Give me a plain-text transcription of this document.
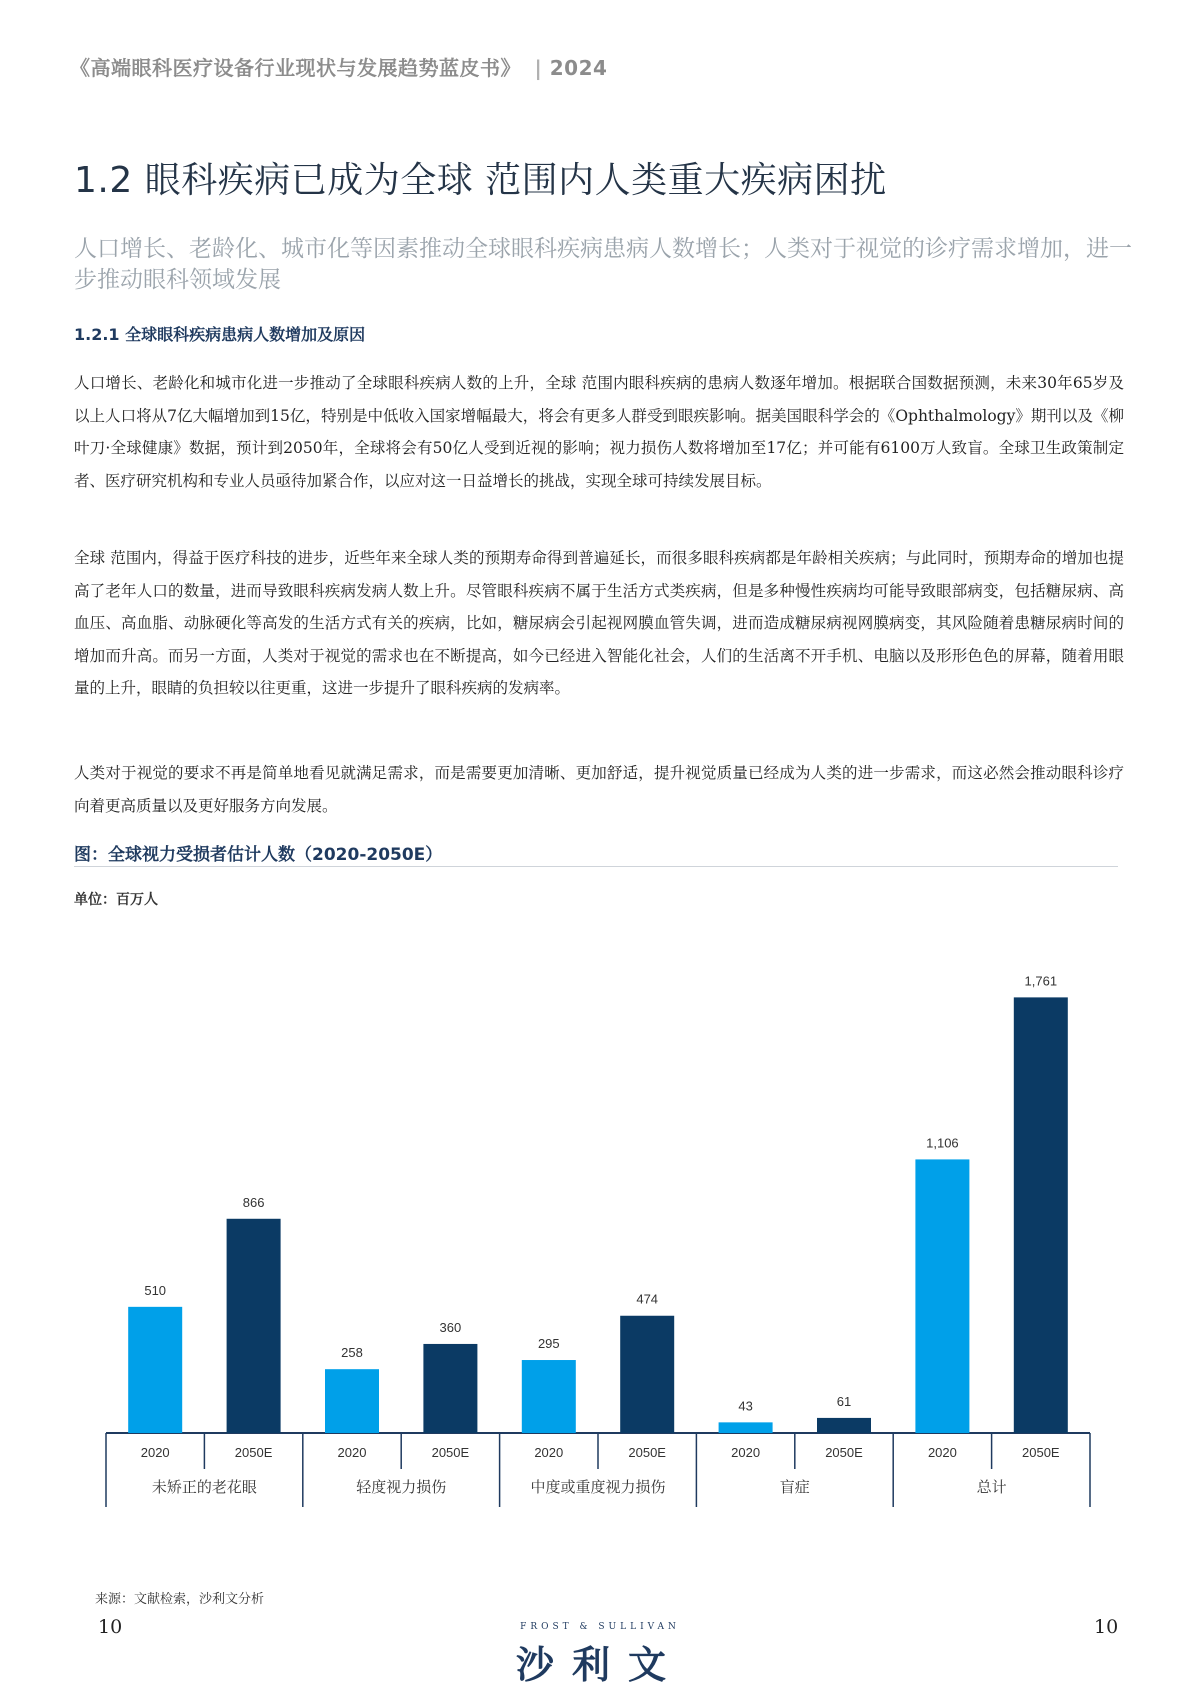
《高端眼科医疗设备行业现状与发展趋势蓝皮书》 | 2024
1.2 眼科疾病已成为全球 范围内人类重大疾病困扰
人口增长、老龄化、城市化等因素推动全球眼科疾病患病人数增长；人类对于视觉的诊疗需求增加，进一步推动眼科领域发展
1.2.1 全球眼科疾病患病人数增加及原因

人口增长、老龄化和城市化进一步推动了全球眼科疾病人数的上升，全球 范围内眼科疾病的患病人数逐年增加。根据联合国数据预测，未来30年65岁及以上人口将从7亿大幅增加到15亿，特别是中低收入国家增幅最大，将会有更多人群受到眼疾影响。据美国眼科学会的《Ophthalmology》期刊以及《柳叶刀·全球健康》数据，预计到2050年，全球将会有50亿人受到近视的影响；视力损伤人数将增加至17亿；并可能有6100万人致盲。全球卫生政策制定者、医疗研究机构和专业人员亟待加紧合作，以应对这一日益增长的挑战，实现全球可持续发展目标。

全球 范围内，得益于医疗科技的进步，近些年来全球人类的预期寿命得到普遍延长，而很多眼科疾病都是年龄相关疾病；与此同时，预期寿命的增加也提高了老年人口的数量，进而导致眼科疾病发病人数上升。尽管眼科疾病不属于生活方式类疾病，但是多种慢性疾病均可能导致眼部病变，包括糖尿病、高血压、高血脂、动脉硬化等高发的生活方式有关的疾病，比如，糖尿病会引起视网膜血管失调，进而造成糖尿病视网膜病变，其风险随着患糖尿病时间的增加而升高。而另一方面，人类对于视觉的需求也在不断提高，如今已经进入智能化社会，人们的生活离不开手机、电脑以及形形色色的屏幕，随着用眼量的上升，眼睛的负担较以往更重，这进一步提升了眼科疾病的发病率。

人类对于视觉的要求不再是简单地看见就满足需求，而是需要更加清晰、更加舒适，提升视觉质量已经成为人类的进一步需求，而这必然会推动眼科诊疗向着更高质量以及更好服务方向发展。

图：全球视力受损者估计人数（2020-2050E）
单位：百万人
510
2020
866
2050E
未矫正的老花眼
258
2020
360
2050E
轻度视力损伤
295
2020
474
2050E
中度或重度视力损伤
43
2020
61
2050E
盲症
1,106
2020
1,761
2050E
总计
来源：文献检索，沙利文分析
10	10
FROST & SULLIVAN
沙利文
